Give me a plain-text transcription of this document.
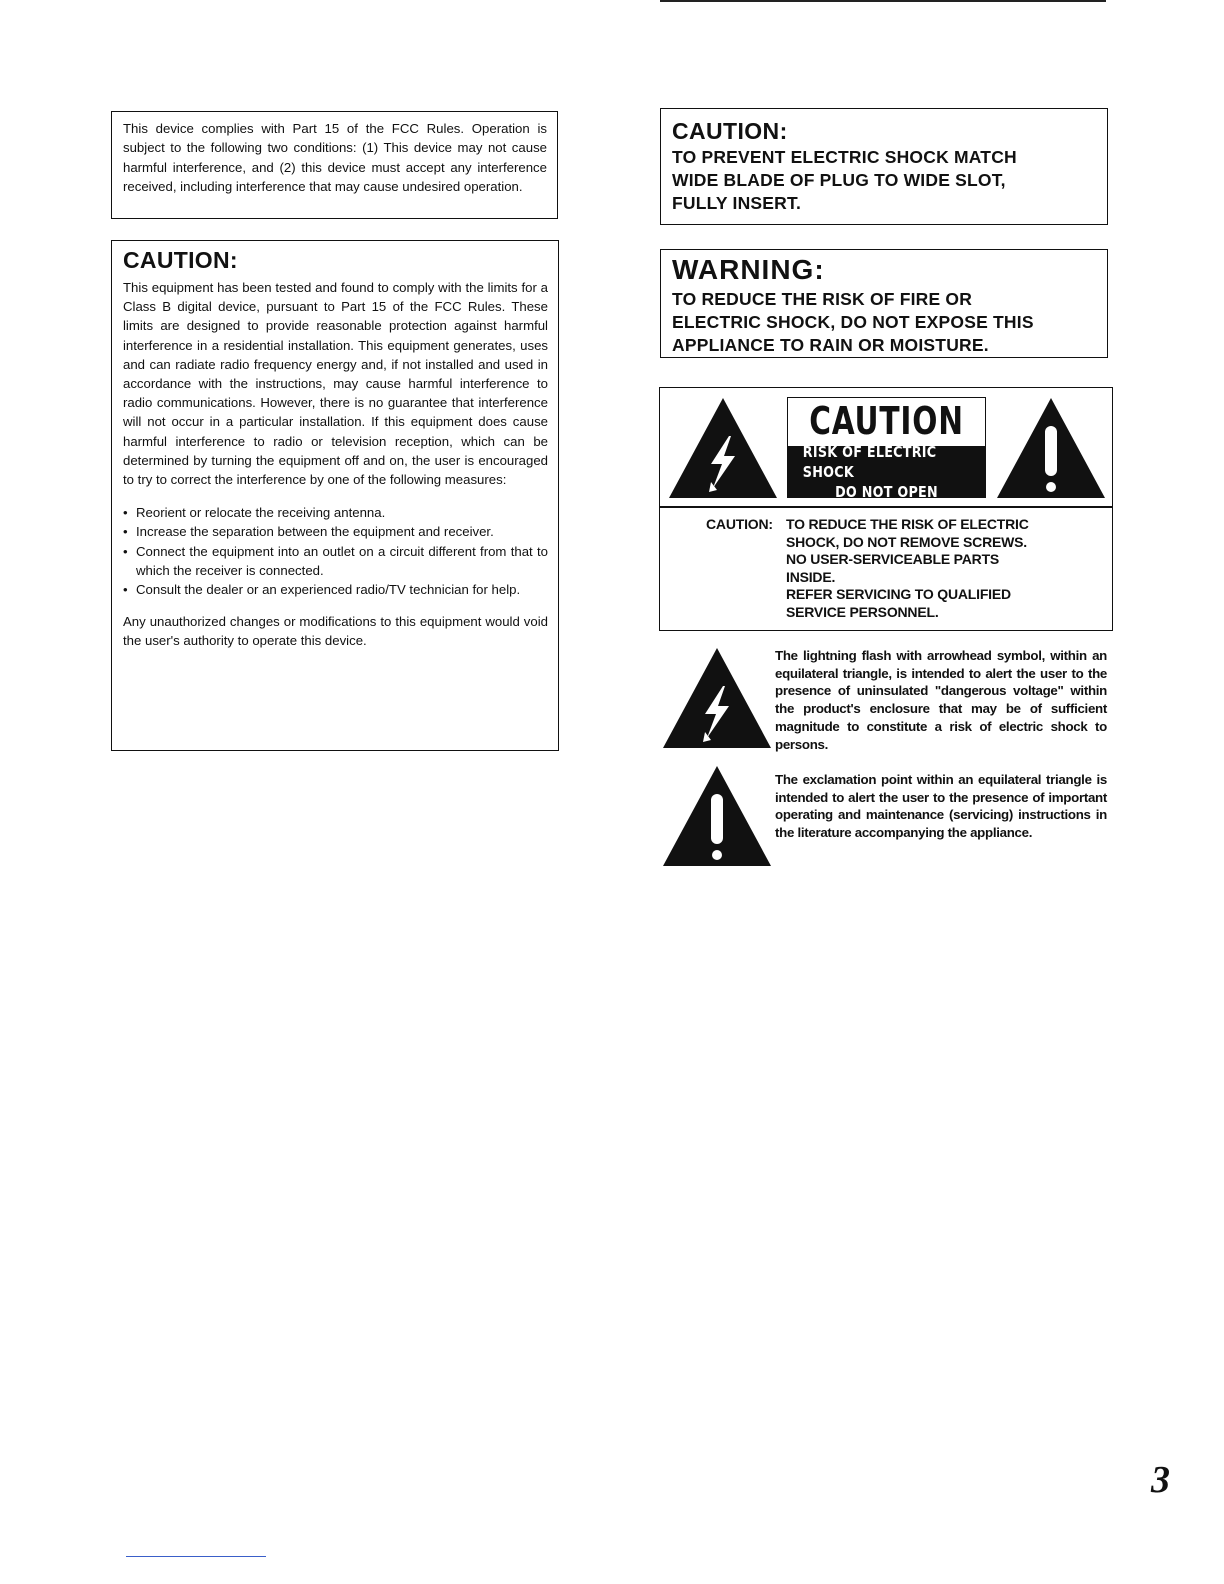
This device complies with Part 15 of the FCC Rules. Operation is subject to the following two conditions: (1) This device may not cause harmful interference, and (2) this device must accept any interference received, including interference that may cause undesired operation.

CAUTION:

This equipment has been tested and found to comply with the limits for a Class B digital device, pursuant to Part 15 of the FCC Rules. These limits are designed to provide reasonable protection against harmful interference in a residential installation. This equipment generates, uses and can radiate radio frequency energy and, if not installed and used in accordance with the instructions, may cause harmful interference to radio communications. However, there is no guarantee that interference will not occur in a particular installation. If this equipment does cause harmful interference to radio or television reception, which can be determined by turning the equipment off and on, the user is encouraged to try to correct the interference by one of the following measures:

• Reorient or relocate the receiving antenna.
• Increase the separation between the equipment and receiver.
• Connect the equipment into an outlet on a circuit different from that to which the receiver is connected.
• Consult the dealer or an experienced radio/TV technician for help.

Any unauthorized changes or modifications to this equipment would void the user's authority to operate this device.

CAUTION:
TO PREVENT ELECTRIC SHOCK MATCH
WIDE BLADE OF PLUG TO WIDE SLOT,
FULLY INSERT.
WARNING:
TO REDUCE THE RISK OF FIRE OR
ELECTRIC SHOCK, DO NOT EXPOSE THIS
APPLIANCE TO RAIN OR MOISTURE.
CAUTION
RISK OF ELECTRIC SHOCK
DO NOT OPEN
CAUTION: TO REDUCE THE RISK OF ELECTRIC
SHOCK, DO NOT REMOVE SCREWS.
NO USER-SERVICEABLE PARTS
INSIDE.
REFER SERVICING TO QUALIFIED
SERVICE PERSONNEL.

The lightning flash with arrowhead symbol, within an equilateral triangle, is intended to alert the user to the presence of uninsulated "dangerous voltage" within the product's enclosure that may be of sufficient magnitude to constitute a risk of electric shock to persons.

The exclamation point within an equilateral triangle is intended to alert the user to the presence of important operating and maintenance (servicing) instructions in the literature accompanying the appliance.

3
